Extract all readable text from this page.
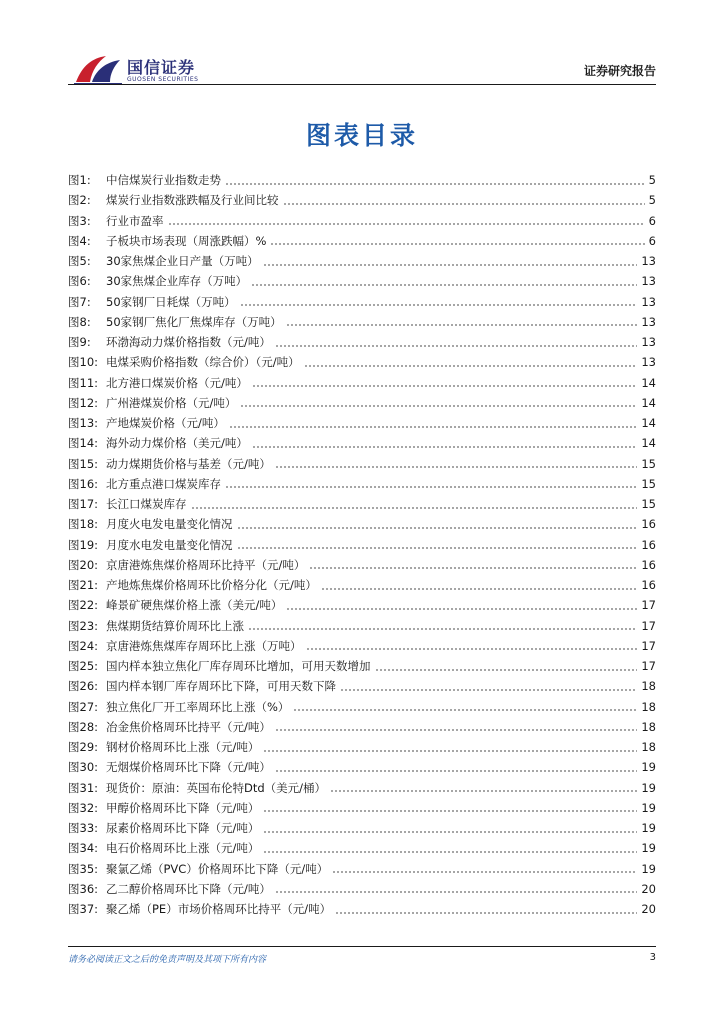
国信证券
GUOSEN SECURITIES
证券研究报告
图表目录
图1:	中信煤炭行业指数走势	5
图2:	煤炭行业指数涨跌幅及行业间比较	5
图3:	行业市盈率	6
图4:	子板块市场表现（周涨跌幅）%	6
图5:	30家焦煤企业日产量（万吨）	13
图6:	30家焦煤企业库存（万吨）	13
图7:	50家钢厂日耗煤（万吨）	13
图8:	50家钢厂焦化厂焦煤库存（万吨）	13
图9:	环渤海动力煤价格指数（元/吨）	13
图10: 电煤采购价格指数（综合价）（元/吨）	13
图11: 北方港口煤炭价格（元/吨）	14
图12: 广州港煤炭价格（元/吨）	14
图13: 产地煤炭价格（元/吨）	14
图14: 海外动力煤价格（美元/吨）	14
图15: 动力煤期货价格与基差（元/吨）	15
图16: 北方重点港口煤炭库存	15
图17: 长江口煤炭库存	15
图18: 月度火电发电量变化情况	16
图19: 月度水电发电量变化情况	16
图20: 京唐港炼焦煤价格周环比持平（元/吨）	16
图21: 产地炼焦煤价格周环比价格分化（元/吨）	16
图22: 峰景矿硬焦煤价格上涨（美元/吨）	17
图23: 焦煤期货结算价周环比上涨	17
图24: 京唐港炼焦煤库存周环比上涨（万吨）	17
图25: 国内样本独立焦化厂库存周环比增加，可用天数增加	17
图26: 国内样本钢厂库存周环比下降，可用天数下降	18
图27: 独立焦化厂开工率周环比上涨（%）	18
图28: 冶金焦价格周环比持平（元/吨）	18
图29: 钢材价格周环比上涨（元/吨）	18
图30: 无烟煤价格周环比下降（元/吨）	19
图31: 现货价：原油：英国布伦特Dtd（美元/桶）	19
图32: 甲醇价格周环比下降（元/吨）	19
图33: 尿素价格周环比下降（元/吨）	19
图34: 电石价格周环比上涨（元/吨）	19
图35: 聚氯乙烯（PVC）价格周环比下降（元/吨）	19
图36: 乙二醇价格周环比下降（元/吨）	20
图37: 聚乙烯（PE）市场价格周环比持平（元/吨）	20
请务必阅读正文之后的免责声明及其项下所有内容	3
